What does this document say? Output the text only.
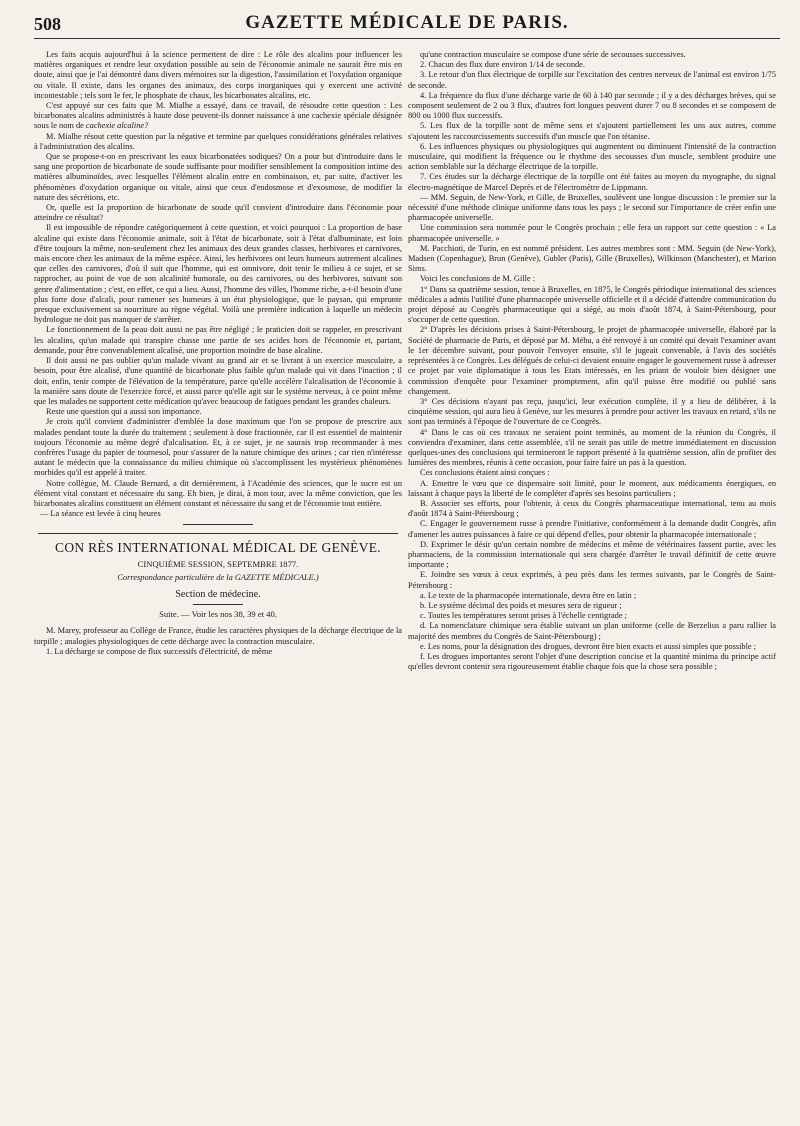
508	GAZETTE MÉDICALE DE PARIS.

Les faits acquis aujourd'hui à la science permettent de dire : Le rôle des alcalins pour influencer les matières organiques et rendre leur oxydation possible au sein de l'économie animale ne saurait être mis en doute, ainsi que je l'ai démontré dans divers mémoires sur la digestion, l'assimilation et l'oxydation organique ou vitale. Il existe, dans les organes des animaux, des corps inorganiques qui y exercent une activité incontestable ; tels sont le fer, le phosphate de chaux, les bicarbonates alcalins, etc.

C'est appuyé sur ces faits que M. Mialhe a essayé, dans ce travail, de résoudre cette question : Les bicarbonates alcalins administrés à haute dose peuvent-ils donner naissance à une cachexie spéciale désignée sous le nom de cachexie alcaline?

M. Mialhe résout cette question par la négative et termine par quelques considérations générales relatives à l'administration des alcalins.

Que se propose-t-on en prescrivant les eaux bicarbonatées sodiques? On a pour but d'introduire dans le sang une proportion de bicarbonate de soude suffisante pour modifier sensiblement la composition intime des matières albuminoïdes, avec lesquelles l'élément alcalin entre en combinaison, et, par suite, d'activer les phénomènes d'oxydation organique ou vitale, ainsi que ceux d'endosmose et d'exosmose, de modifier la nature des sécrétions, etc.

Or, quelle est la proportion de bicarbonate de soude qu'il convient d'introduire dans l'économie pour atteindre ce résultat?

Il est impossible de répondre catégoriquement à cette question, et voici pourquoi : La proportion de base alcaline qui existe dans l'économie animale, soit à l'état de bicarbonate, soit à l'état d'albuminate, est loin d'être toujours la même, non-seulement chez les animaux des deux grandes classes, herbivores et carnivores, mais encore chez les animaux de la même espèce. Ainsi, les herbivores ont leurs humeurs autrement alcalines que celles des carnivores, d'où il suit que l'homme, qui est omnivore, doit tenir le milieu à ce sujet, et se rapprocher, au point de vue de son alcalinité humorale, ou des carnivores, ou des herbivores, suivant son genre d'alimentation ; c'est, en effet, ce qui a lieu. Aussi, l'homme des villes, l'homme riche, a-t-il besoin d'une plus forte dose d'alcali, pour ramener ses humeurs à un état physiologique, que le paysan, qui emprunte presque exclusivement sa nourriture au règne végétal. Voilà une première indication à laquelle un médecin hydrologue ne doit pas manquer de s'arrêter.

Le fonctionnement de la peau doit aussi ne pas être négligé ; le praticien doit se rappeler, en prescrivant les alcalins, qu'un malade qui transpire chasse une partie de ses acides hors de l'économie et, partant, demande, pour être convenablement alcalisé, une proportion moindre de base alcaline.

Il doit aussi ne pas oublier qu'un malade vivant au grand air et se livrant à un exercice musculaire, a besoin, pour être alcalisé, d'une quantité de bicarbonate plus faible qu'un malade qui vit dans l'inaction ; il doit, enfin, tenir compte de l'élévation de la température, parce qu'elle accélère l'alcalisation de l'économie à la manière sans doute de l'exercice forcé, et aussi parce qu'elle agit sur le système nerveux, à ce point même que les malades ne supportent cette médication qu'avec beaucoup de fatigues pendant les grandes chaleurs.

Reste une question qui a aussi son importance.

Je crois qu'il convient d'administrer d'emblée la dose maximum que l'on se propose de prescrire aux malades pendant toute la durée du traitement ; seulement à dose fractionnée, car il est essentiel de maintenir toujours l'économie au même degré d'alcalisation. Et, à ce sujet, je ne saurais trop recommander à mes confrères l'usage du papier de tournesol, pour s'assurer de la nature chimique des urines ; car rien n'intéresse autant le médecin que la connaissance du milieu chimique où s'accomplissent les mystérieux phénomènes morbides qu'il est appelé à traiter.

Notre collègue, M. Claude Bernard, a dit dernièrement, à l'Académie des sciences, que le sucre est un élément vital constant et nécessaire du sang. Eh bien, je dirai, à mon tour, avec la même conviction, que les bicarbonates alcalins constituent un élément constant et nécessaire du sang et de l'économie tout entière.

— La séance est levée à cinq heures

CON RÈS INTERNATIONAL MÉDICAL DE GENÈVE.
CINQUIÈME SESSION, SEPTEMBRE 1877.
Correspondance particulière de la GAZETTE MÉDICALE.)
Section de médecine.
Suite. — Voir les nos 38, 39 et 40.

M. Marey, professeur au Collège de France, étudie les caractères physiques de la décharge électrique de la torpille ; analogies physiologiques de cette décharge avec la contraction musculaire.

1. La décharge se compose de flux successifs d'électricité, de même

qu'une contraction musculaire se compose d'une série de secousses successives.

2. Chacun des flux dure environ 1/14 de seconde.

3. Le retour d'un flux électrique de torpille sur l'excitation des centres nerveux de l'animal est environ 1/75 de seconde.

4. La fréquence du flux d'une décharge varie de 60 à 140 par seconde ; il y a des décharges brèves, qui se composent seulement de 2 ou 3 flux, d'autres fort longues peuvent durer 7 ou 8 secondes et se composent de 800 ou 1000 flux successifs.

5. Les flux de la torpille sont de même sens et s'ajoutent partiellement les uns aux autres, comme s'ajoutent les raccourcissements successifs d'un muscle que l'on tétanise.

6. Les influences physiques ou physiologiques qui augmentent ou diminuent l'intensité de la contraction musculaire, qui modifient la fréquence ou le rhythme des secousses d'un muscle, semblent produire une action semblable sur la décharge électrique de la torpille.

7. Ces études sur la décharge électrique de la torpille ont été faites au moyen du myographe, du signal électro-magnétique de Marcel Deprès et de l'électromètre de Lippmann.

— MM. Seguin, de New-York, et Gille, de Bruxelles, soulèvent une longue discussion : le premier sur la nécessité d'une méthode clinique uniforme dans tous les pays ; le second sur l'importance de créer enfin une pharmacopée universelle.

Une commission sera nommée pour le Congrès prochain ; elle fera un rapport sur cette question : « La pharmacopée universelle. »

M. Pacchioti, de Turin, en est nommé président. Les autres membres sont : MM. Seguin (de New-York), Madsen (Copenhague), Brun (Genève), Gubler (Paris), Gille (Bruxelles), Wilkinson (Manchester), et Marion Sims.

Voici les conclusions de M. Gille :

1° Dans sa quatrième session, tenue à Bruxelles, en 1875, le Congrès périodique international des sciences médicales a admis l'utilité d'une pharmacopée universelle officielle et il a décidé d'attendre communication du projet déposé au Congrès pharmaceutique qui a siégé, au mois d'août 1874, à Saint-Pétersbourg, pour s'occuper de cette question.

2° D'après les décisions prises à Saint-Pétersbourg, le projet de pharmacopée universelle, élaboré par la Société de pharmacie de Paris, et déposé par M. Méhu, a été renvoyé à un comité qui devait l'examiner avant le 1er décembre suivant, pour pouvoir l'envoyer ensuite, s'il le jugeait convenable, à l'avis des sociétés représentées à ce Congrès. Les délégués de celui-ci devaient ensuite engager le gouvernement russe à adresser ce projet par voie diplomatique à tous les Etats intéressés, en les priant de vouloir bien désigner une commission d'enquête pour l'examiner promptement, afin qu'il puisse être modifié ou publié sans changement.

3° Ces décisions n'ayant pas reçu, jusqu'ici, leur exécution complète, il y a lieu de délibérer, à la cinquième session, qui aura lieu à Genève, sur les mesures à prendre pour activer les travaux en retard, s'ils ne sont pas terminés à l'époque de l'ouverture de ce Congrès.

4° Dans le cas où ces travaux ne seraient point terminés, au moment de la réunion du Congrès, il conviendra d'examiner, dans cette assemblée, s'il ne serait pas utile de mettre immédiatement en discussion quelques-unes des conclusions qui termineront le rapport présenté à la quatrième session, afin de profiter des lumières des membres, réunis à cette occasion, pour faire faire un pas à la question.

Ces conclusions étaient ainsi conçues :

A. Emettre le vœu que ce dispensaire soit limité, pour le moment, aux médicaments énergiques, en laissant à chaque pays la liberté de le compléter d'après ses besoins particuliers ;

B. Associer ses efforts, pour l'obtenir, à ceux du Congrès pharmaceutique international, tenu au mois d'août 1874 à Saint-Pétersbourg ;

C. Engager le gouvernement russe à prendre l'initiative, conformément à la demande dudit Congrès, afin d'amener les autres puissances à faire ce qui dépend d'elles, pour obtenir la pharmacopée internationale ;

D. Exprimer le désir qu'un certain nombre de médecins et même de vétérinaires fassent partie, avec les pharmaciens, de la commission internationale qui sera chargée d'arrêter le travail définitif de cette œuvre importante ;

E. Joindre ses vœux à ceux exprimés, à peu près dans les termes suivants, par le Congrès de Saint-Pétersbourg :

a. Le texte de la pharmacopée internationale, devra être en latin ;

b. Le système décimal des poids et mesures sera de rigueur ;

c. Toutes les températures seront prises à l'échelle centigrade ;

d. La nomenclature chimique sera établie suivant un plan uniforme (celle de Berzelius a paru rallier la majorité des membres du Congrès de Saint-Pétersbourg) ;

e. Les noms, pour la désignation des drogues, devront être bien exacts et aussi simples que possible ;

f. Les drogues importantes seront l'objet d'une description concise et la quantité minima du principe actif qu'elles devront contenir sera rigoureusement établie chaque fois que la chose sera possible ;
